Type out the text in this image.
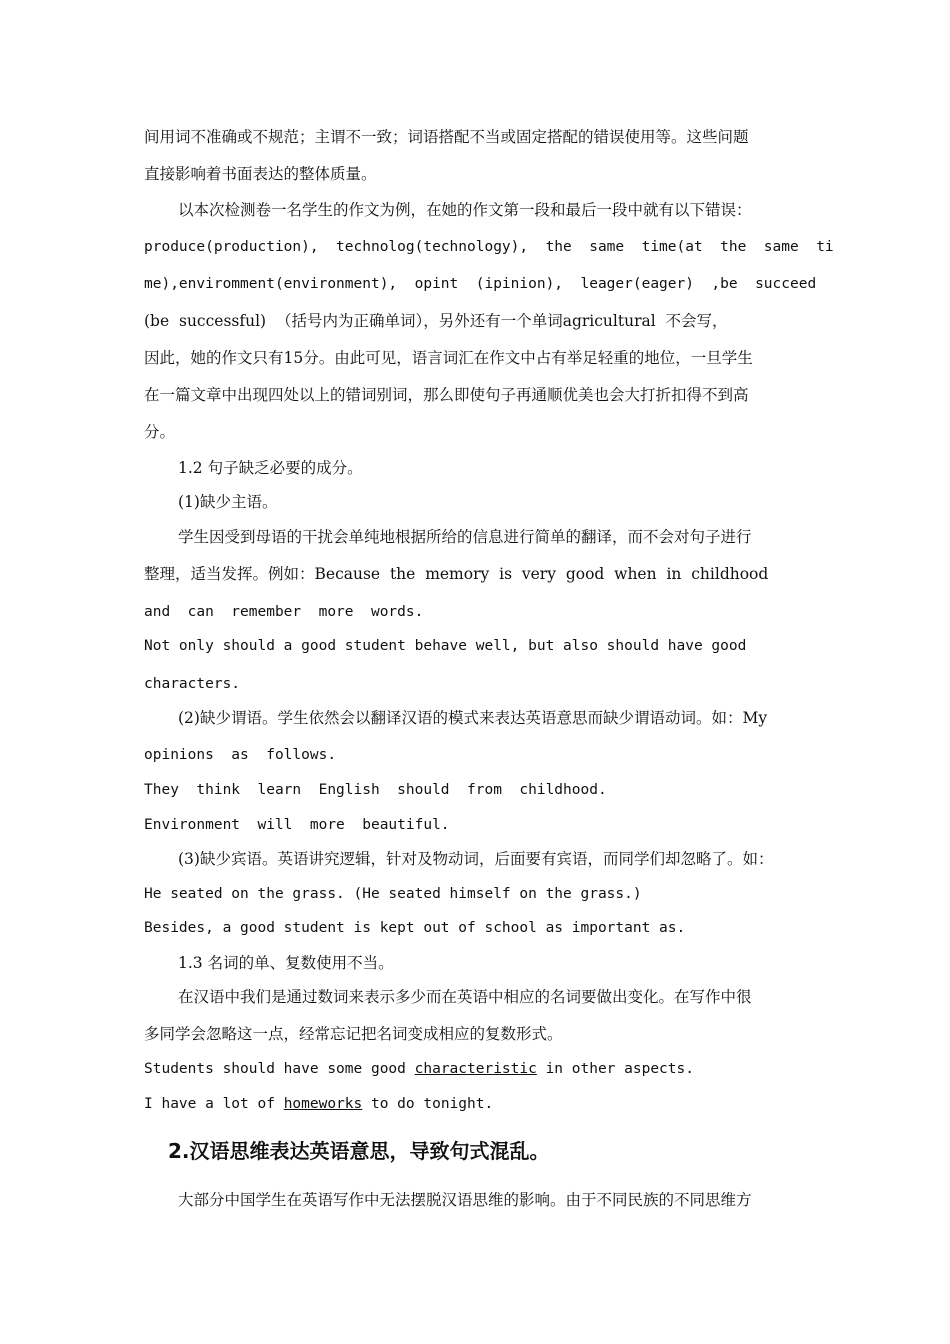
间用词不准确或不规范；主谓不一致；词语搭配不当或固定搭配的错误使用等。这些问题

直接影响着书面表达的整体质量。

以本次检测卷一名学生的作文为例，在她的作文第一段和最后一段中就有以下错误：

produce(production),  technolog(technology),  the  same  time(at  the  same  ti

me),enviromment(environment),  opint  (ipinion),  leager(eager)  ,be  succeed

(be  successful)  （括号内为正确单词），另外还有一个单词agricultural  不会写，

因此，她的作文只有15分。由此可见，语言词汇在作文中占有举足轻重的地位，一旦学生

在一篇文章中出现四处以上的错词别词，那么即使句子再通顺优美也会大打折扣得不到高

分。

1.2 句子缺乏必要的成分。

(1)缺少主语。

学生因受到母语的干扰会单纯地根据所给的信息进行简单的翻译，而不会对句子进行

整理，适当发挥。例如：Because  the  memory  is  very  good  when  in  childhood

and  can  remember  more  words.

Not only should a good student behave well, but also should have good

characters.

(2)缺少谓语。学生依然会以翻译汉语的模式来表达英语意思而缺少谓语动词。如：My

opinions  as  follows.

They  think  learn  English  should  from  childhood.

Environment  will  more  beautiful.

(3)缺少宾语。英语讲究逻辑，针对及物动词，后面要有宾语，而同学们却忽略了。如：

He seated on the grass. (He seated himself on the grass.)

Besides, a good student is kept out of school as important as.

1.3 名词的单、复数使用不当。

在汉语中我们是通过数词来表示多少而在英语中相应的名词要做出变化。在写作中很

多同学会忽略这一点，经常忘记把名词变成相应的复数形式。

Students should have some good characteristic in other aspects.

I have a lot of homeworks to do tonight.

2.汉语思维表达英语意思，导致句式混乱。

大部分中国学生在英语写作中无法摆脱汉语思维的影响。由于不同民族的不同思维方
